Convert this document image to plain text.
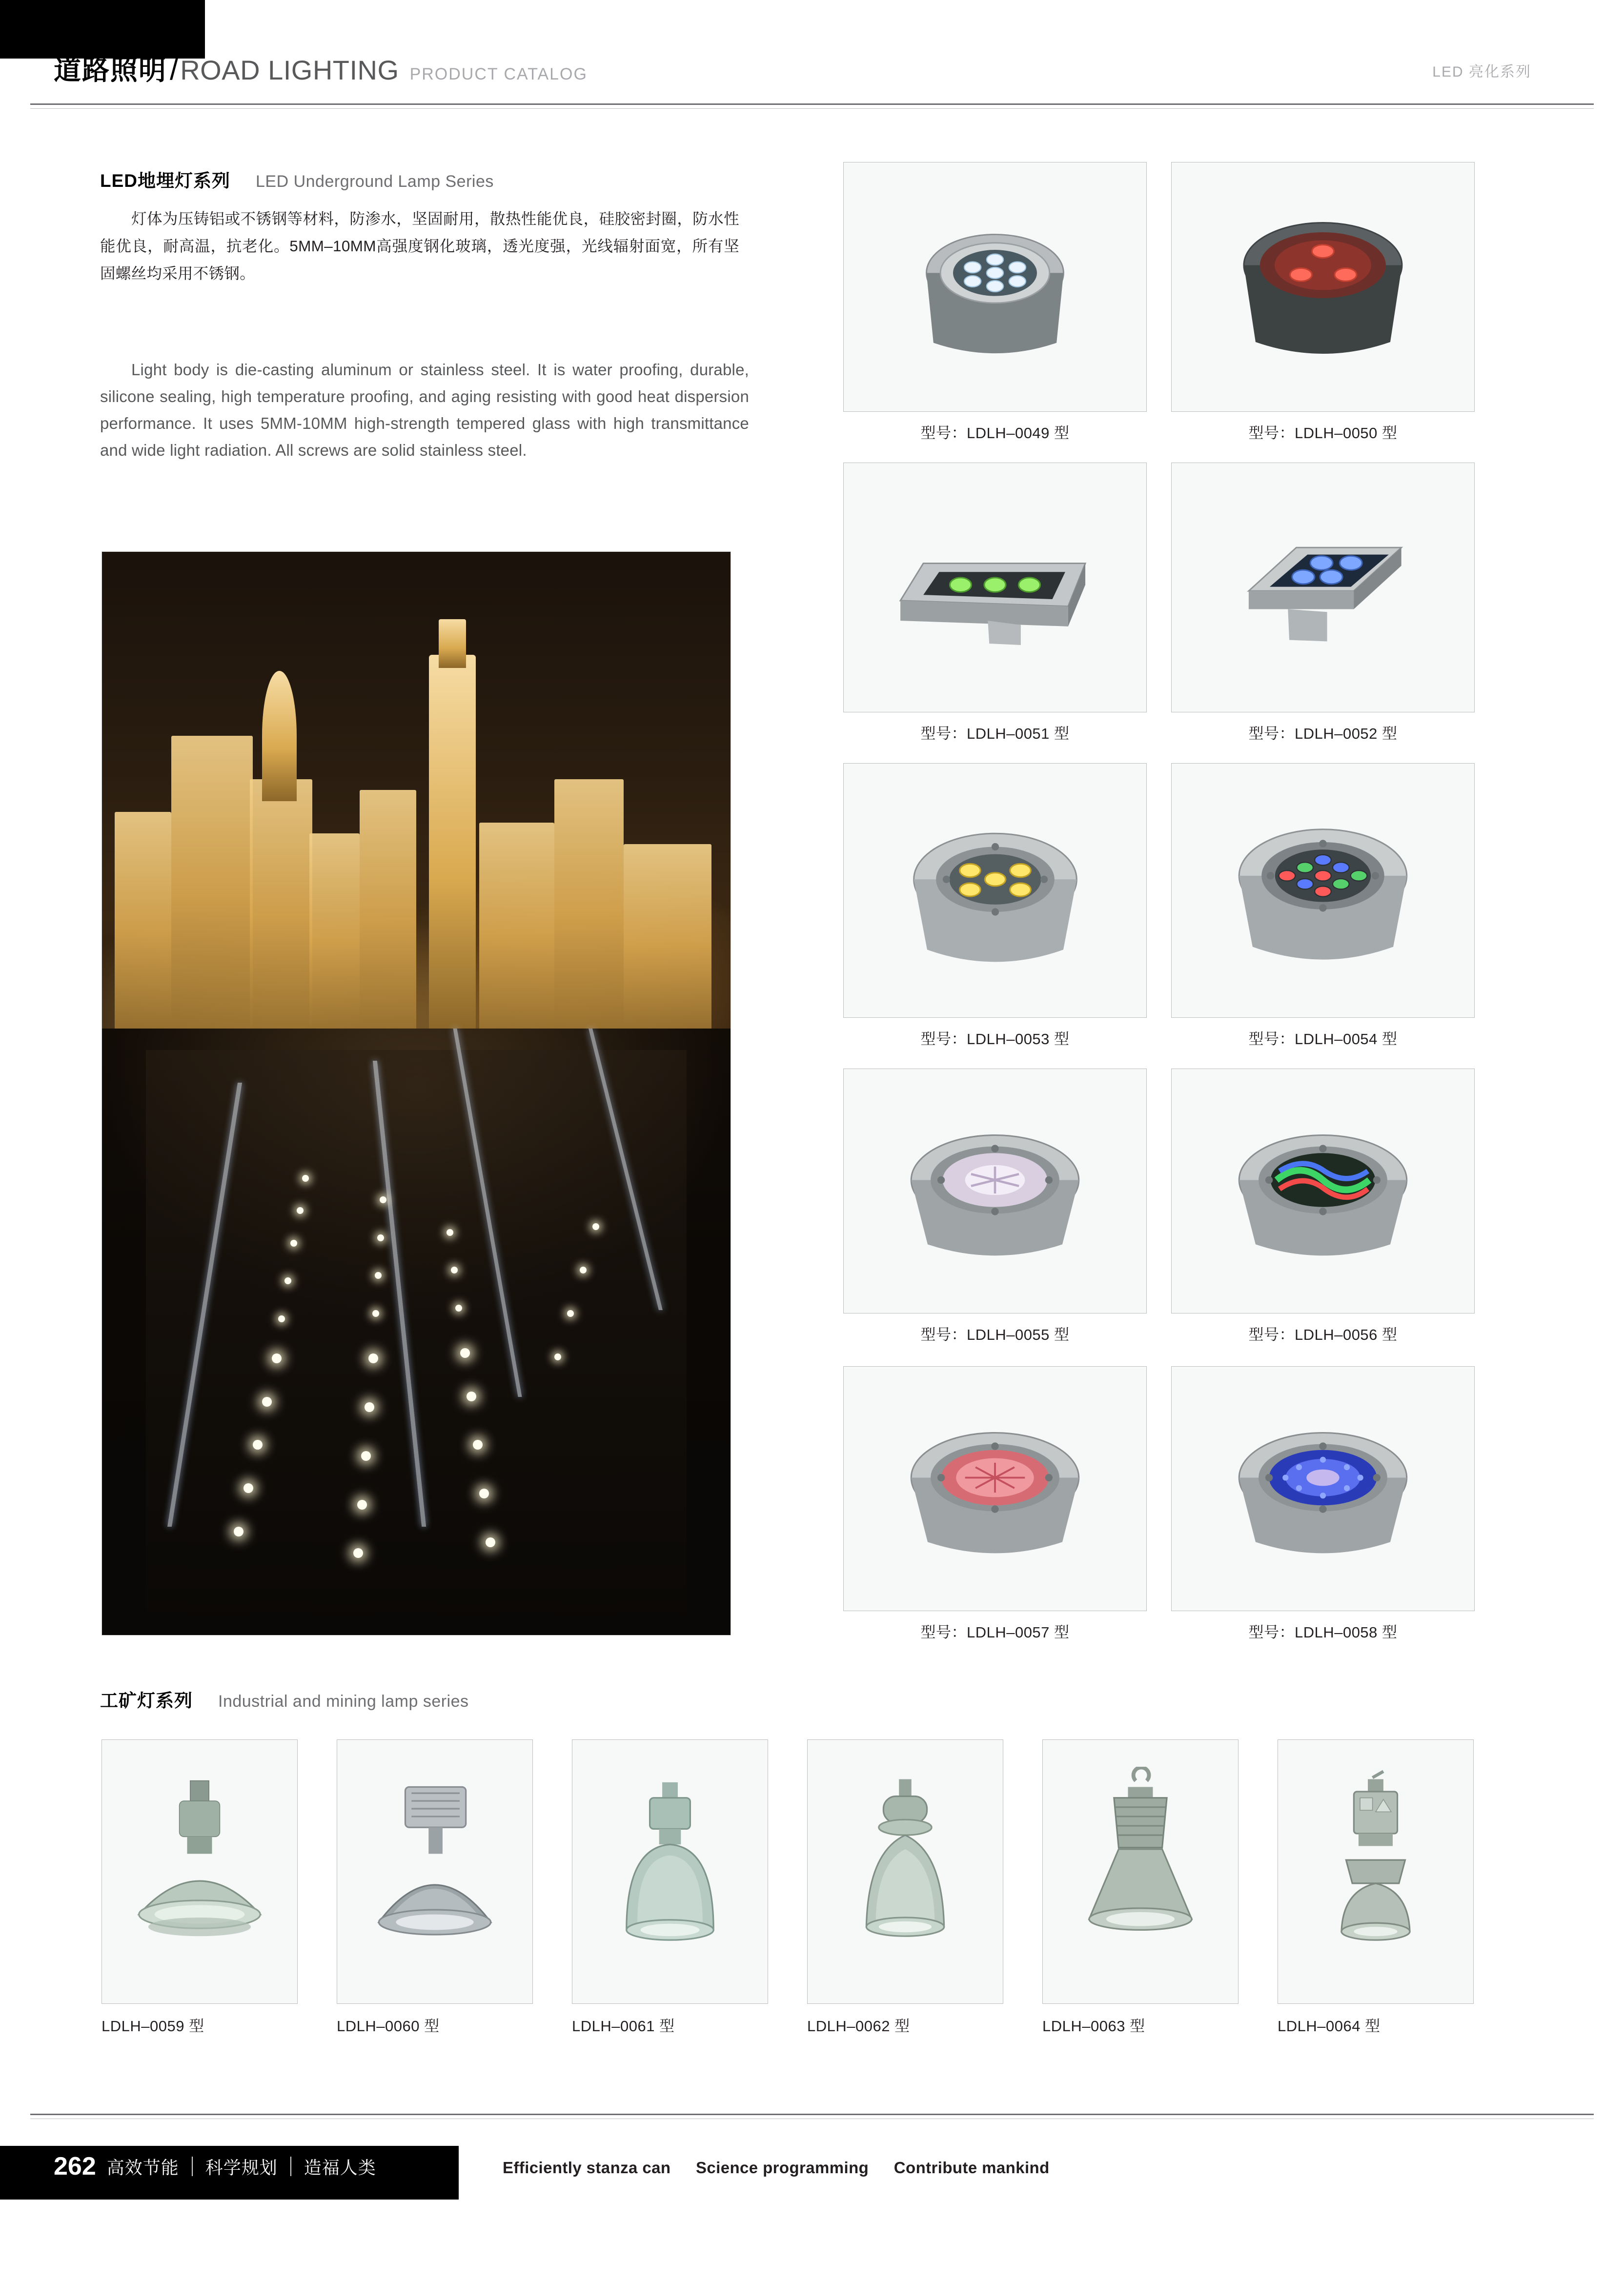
道路照明 / ROAD LIGHTING PRODUCT CATALOG	LED 亮化系列
LED地埋灯系列 LED Underground Lamp Series
灯体为压铸铝或不锈钢等材料，防渗水，坚固耐用，散热性能优良，硅胶密封圈，防水性能优良，耐高温，抗老化。5MM–10MM高强度钢化玻璃，透光度强，光线辐射面宽，所有坚固螺丝均采用不锈钢。
Light body is die-casting aluminum or stainless steel. It is water proofing, durable, silicone sealing, high temperature proofing, and aging resisting with good heat dispersion performance. It uses 5MM-10MM high-strength tempered glass with high transmittance and wide light radiation. All screws are solid stainless steel.
型号：LDLH–0049 型	型号：LDLH–0050 型
型号：LDLH–0051 型	型号：LDLH–0052 型
型号：LDLH–0053 型	型号：LDLH–0054 型
型号：LDLH–0055 型	型号：LDLH–0056 型
型号：LDLH–0057 型	型号：LDLH–0058 型
工矿灯系列 Industrial and mining lamp series
LDLH–0059 型	LDLH–0060 型	LDLH–0061 型	LDLH–0062 型	LDLH–0063 型	LDLH–0064 型
262 高效节能 科学规划 造福人类	Efficiently stanza can Science programming Contribute mankind
